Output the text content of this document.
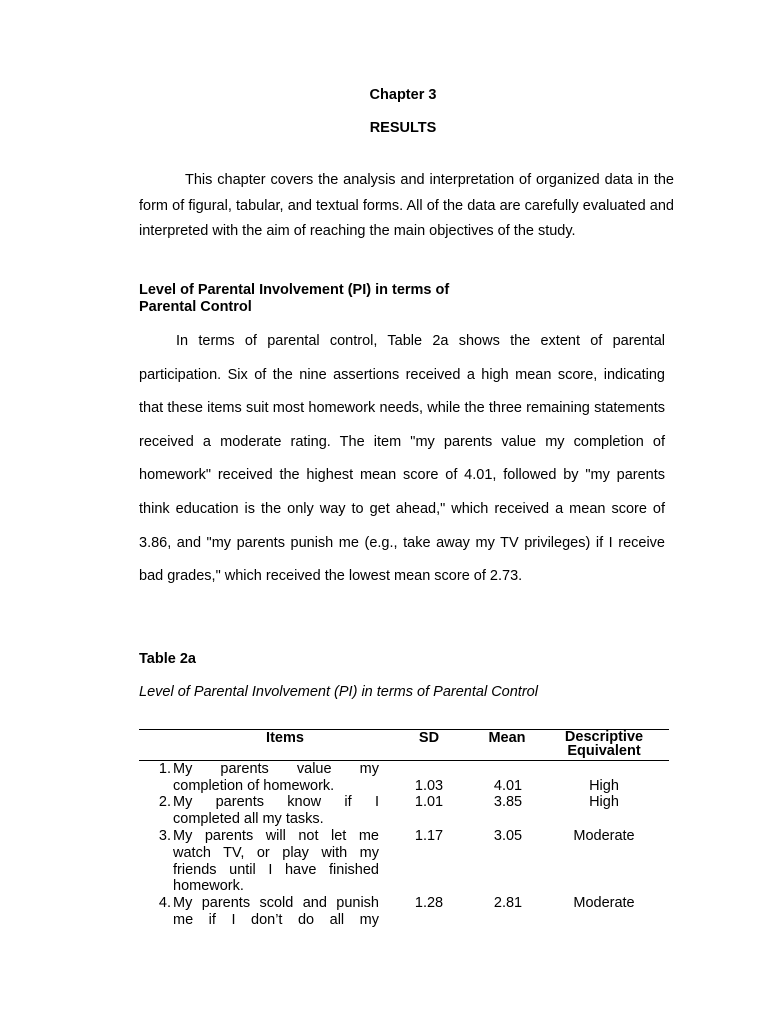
Chapter 3
RESULTS

This chapter covers the analysis and interpretation of organized data in the form of figural, tabular, and textual forms. All of the data are carefully evaluated and interpreted with the aim of reaching the main objectives of the study.

Level of Parental Involvement (PI) in terms of
Parental Control

In terms of parental control, Table 2a shows the extent of parental participation. Six of the nine assertions received a high mean score, indicating that these items suit most homework needs, while the three remaining statements received a moderate rating. The item "my parents value my completion of homework" received the highest mean score of 4.01, followed by "my parents think education is the only way to get ahead," which received a mean score of 3.86, and "my parents punish me (e.g., take away my TV privileges) if I receive bad grades," which received the lowest mean score of 2.73.

Table 2a
Level of Parental Involvement (PI) in terms of Parental Control
Items	SD	Mean	Descriptive
Equivalent
1. My parents value my
completion of homework.	1.03	4.01	High
2. My parents know if I
completed all my tasks.
1.01	3.85	High
3. My parents will not let me
watch TV, or play with my
friends until I have finished
homework.
1.17	3.05	Moderate
4. My parents scold and punish
me if I don’t do all my
1.28	2.81	Moderate
